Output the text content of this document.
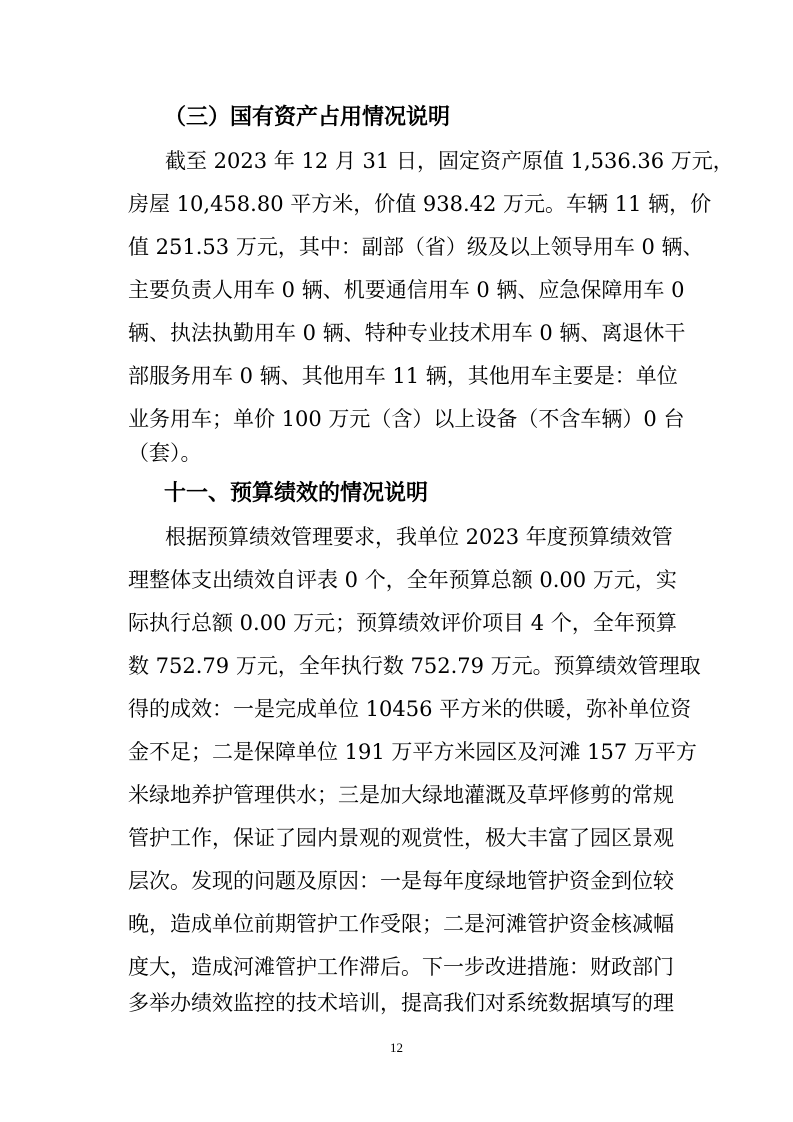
（三）国有资产占用情况说明
截至 2023 年 12 月 31 日，固定资产原值 1,536.36 万元，
房屋 10,458.80 平方米，价值 938.42 万元。车辆 11 辆，价
值 251.53 万元，其中：副部（省）级及以上领导用车 0 辆、
主要负责人用车 0 辆、机要通信用车 0 辆、应急保障用车 0
辆、执法执勤用车 0 辆、特种专业技术用车 0 辆、离退休干
部服务用车 0 辆、其他用车 11 辆，其他用车主要是：单位
业务用车；单价 100 万元（含）以上设备（不含车辆）0 台
（套）。
十一、预算绩效的情况说明
根据预算绩效管理要求，我单位 2023 年度预算绩效管
理整体支出绩效自评表 0 个，全年预算总额 0.00 万元，实
际执行总额 0.00 万元；预算绩效评价项目 4 个，全年预算
数 752.79 万元，全年执行数 752.79 万元。预算绩效管理取
得的成效：一是完成单位 10456 平方米的供暖，弥补单位资
金不足；二是保障单位 191 万平方米园区及河滩 157 万平方
米绿地养护管理供水；三是加大绿地灌溉及草坪修剪的常规
管护工作，保证了园内景观的观赏性，极大丰富了园区景观
层次。发现的问题及原因：一是每年度绿地管护资金到位较
晚，造成单位前期管护工作受限；二是河滩管护资金核减幅
度大，造成河滩管护工作滞后。下一步改进措施：财政部门
多举办绩效监控的技术培训，提高我们对系统数据填写的理
12
